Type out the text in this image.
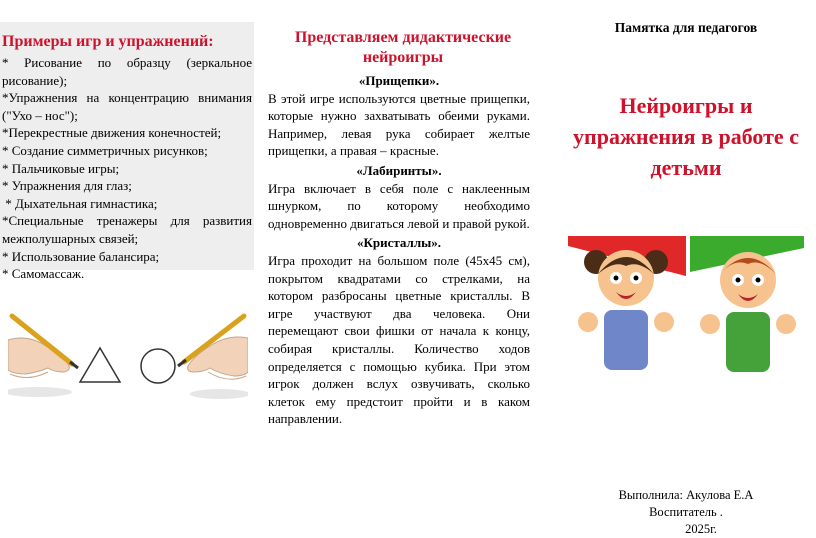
Примеры игр и упражнений:
* Рисование по образцу (зеркальное рисование);
*Упражнения на концентрацию внимания ("Ухо – нос");
*Перекрестные движения конечностей;
* Создание симметричных рисунков;
* Пальчиковые игры;
* Упражнения для глаз;
* Дыхательная гимнастика;
*Специальные тренажеры для развития межполушарных связей;
* Использование балансира;
* Самомассаж.
Представляем дидактические нейроигры
«Прищепки».
В этой игре используются цветные прищепки, которые нужно захватывать обеими руками. Например, левая рука собирает желтые прищепки, а правая – красные.
«Лабиринты».
Игра включает в себя поле с наклеенным шнурком, по которому необходимо одновременно двигаться левой и правой рукой.
«Кристаллы».
Игра проходит на большом поле (45х45 см), покрытом квадратами со стрелками, на котором разбросаны цветные кристаллы. В игре участвуют два человека. Они перемещают свои фишки от начала к концу, собирая кристаллы. Количество ходов определяется с помощью кубика. При этом игрок должен вслух озвучивать, сколько клеток ему предстоит пройти и в каком направлении.
Памятка для педагогов
Нейроигры и упражнения в работе с детьми
Выполнила: Акулова Е.А
Воспитатель .
2025г.
